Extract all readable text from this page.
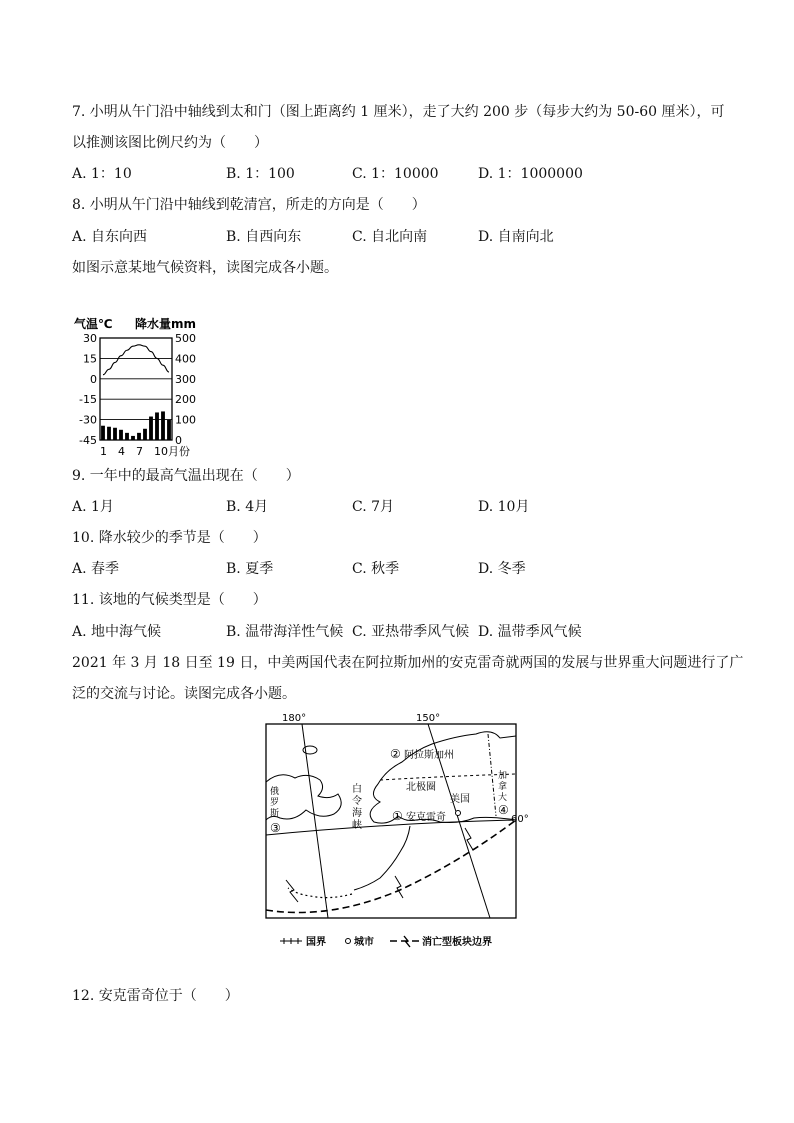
7. 小明从午门沿中轴线到太和门（图上距离约 1 厘米），走了大约 200 步（每步大约为 50-60 厘米），可
以推测该图比例尺约为（　　）
A. 1：10	B. 1：100	C. 1：10000	D. 1：1000000
8. 小明从午门沿中轴线到乾清宫，所走的方向是（　　）
A. 自东向西	B. 自西向东	C. 自北向南	D. 自南向北
如图示意某地气候资料，读图完成各小题。
气温℃ 降水量mm
30
15
0
-15
-30
-45
500
400
300
200
100
0
1 4 7 10月份
9. 一年中的最高气温出现在（　　）
A. 1月	B. 4月	C. 7月	D. 10月
10. 降水较少的季节是（　　）
A. 春季	B. 夏季	C. 秋季	D. 冬季
11. 该地的气候类型是（　　）
A. 地中海气候	B. 温带海洋性气候 C. 亚热带季风气候 D. 温带季风气候
2021 年 3 月 18 日至 19 日，中美两国代表在阿拉斯加州的安克雷奇就两国的发展与世界重大问题进行了广
泛的交流与讨论。读图完成各小题。
180°	150°
60°
② 阿拉斯加州
白
令
海
峡
北极圈
美国
① 安克雷奇
俄
罗
斯
③
加
拿
大
④
国界	城市	消亡型板块边界
12. 安克雷奇位于（　　）
